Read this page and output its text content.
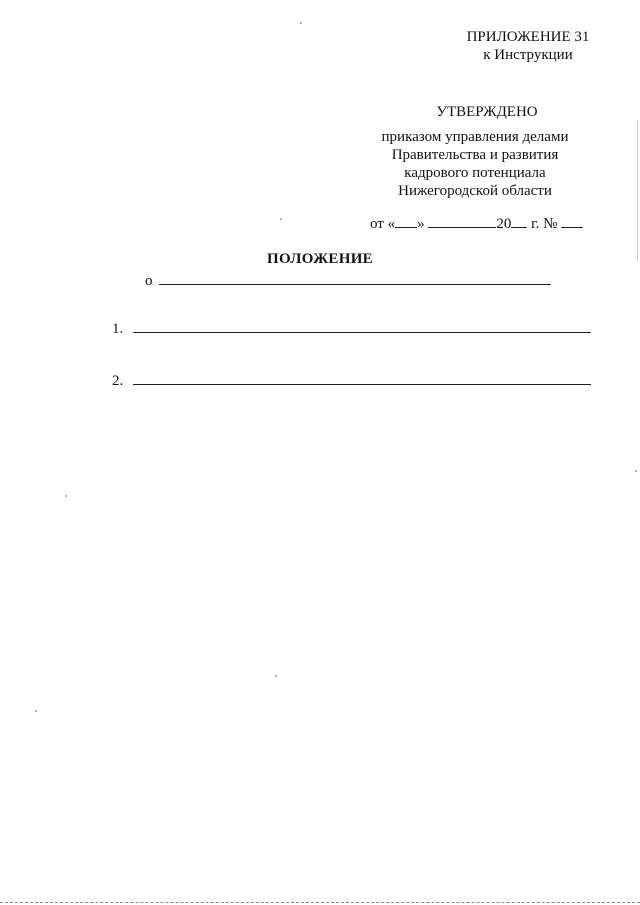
ПРИЛОЖЕНИЕ 31
к Инструкции
УТВЕРЖДЕНО
приказом управления делами
Правительства и развития
кадрового потенциала
Нижегородской области
от « »	20 г. №
ПОЛОЖЕНИЕ
о
1.
2.
